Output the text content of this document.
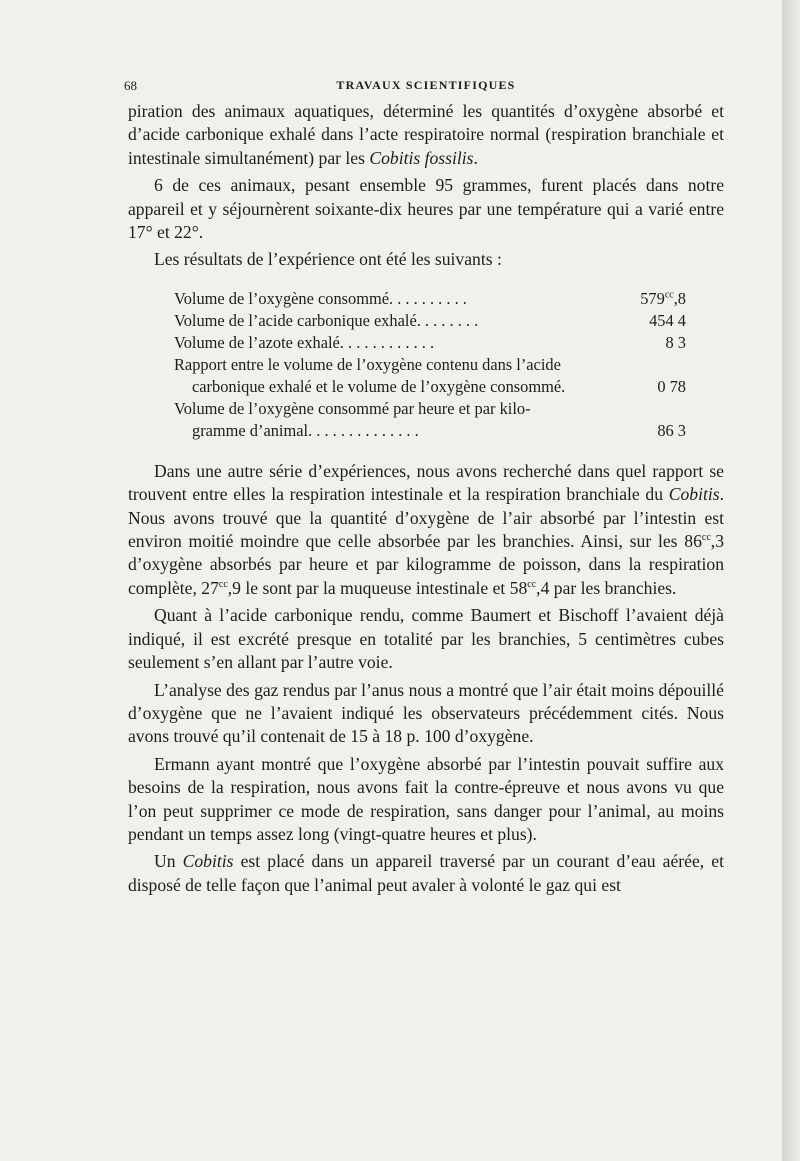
68	TRAVAUX SCIENTIFIQUES

piration des animaux aquatiques, déterminé les quantités d’oxygène absorbé et d’acide carbonique exhalé dans l’acte respiratoire normal (respiration branchiale et intestinale simultanément) par les Cobitis fossilis.

6 de ces animaux, pesant ensemble 95 grammes, furent placés dans notre appareil et y séjournèrent soixante-dix heures par une température qui a varié entre 17° et 22°.

Les résultats de l’expérience ont été les suivants :

Volume de l’oxygène consommé. . . . . . . . . .	$579^{cc},8$
Volume de l’acide carbonique exhalé. . . . . . . .	454 4
Volume de l’azote exhalé. . . . . . . . . . . .	8 3
Rapport entre le volume de l’oxygène contenu dans l’acide
carbonique exhalé et le volume de l’oxygène consommé.	0 78
Volume de l’oxygène consommé par heure et par kilo-
gramme d’animal. . . . . . . . . . . . . .	86 3

Dans une autre série d’expériences, nous avons recherché dans quel rapport se trouvent entre elles la respiration intestinale et la respiration branchiale du Cobitis. Nous avons trouvé que la quantité d’oxygène de l’air absorbé par l’intestin est environ moitié moindre que celle absorbée par les branchies. Ainsi, sur les $86^{cc},3$ d’oxygène absorbés par heure et par kilogramme de poisson, dans la respiration complète, $27^{cc},9$ le sont par la muqueuse intestinale et $58^{cc},4$ par les branchies.

Quant à l’acide carbonique rendu, comme Baumert et Bischoff l’avaient déjà indiqué, il est excrété presque en totalité par les branchies, 5 centimètres cubes seulement s’en allant par l’autre voie.

L’analyse des gaz rendus par l’anus nous a montré que l’air était moins dépouillé d’oxygène que ne l’avaient indiqué les observateurs précédemment cités. Nous avons trouvé qu’il contenait de 15 à 18 p. 100 d’oxygène.

Ermann ayant montré que l’oxygène absorbé par l’intestin pouvait suffire aux besoins de la respiration, nous avons fait la contre-épreuve et nous avons vu que l’on peut supprimer ce mode de respiration, sans danger pour l’animal, au moins pendant un temps assez long (vingt-quatre heures et plus).

Un Cobitis est placé dans un appareil traversé par un courant d’eau aérée, et disposé de telle façon que l’animal peut avaler à volonté le gaz qui est
